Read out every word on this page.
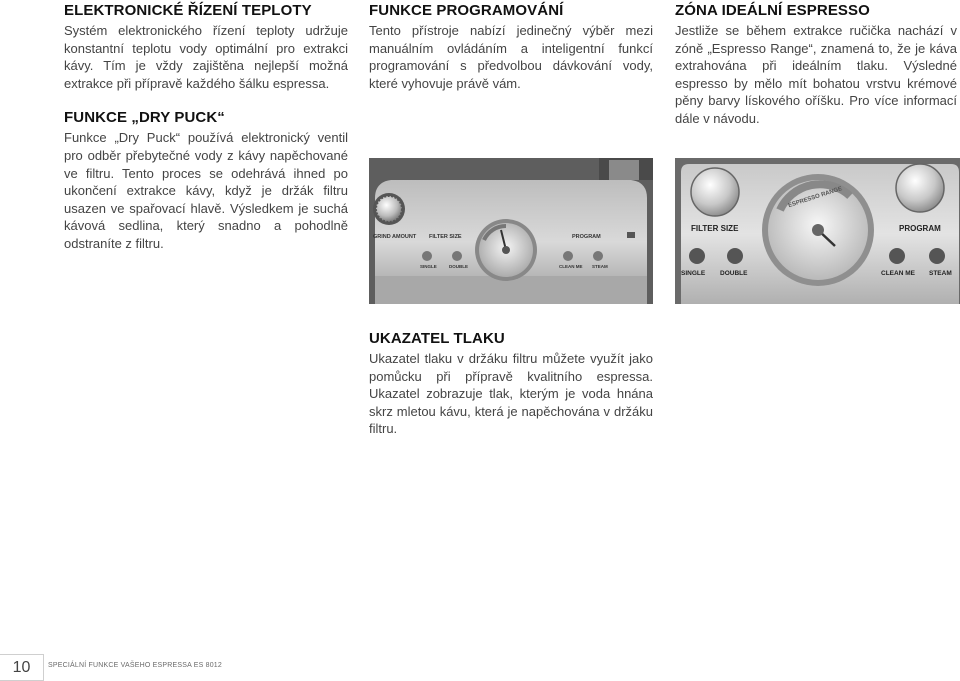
ELEKTRONICKÉ ŘÍZENÍ TEPLOTY

Systém elektronického řízení teploty udržuje konstantní teplotu vody optimální pro extrakci kávy. Tím je vždy zajištěna nejlepší možná extrakce při přípravě každého šálku espressa.

FUNKCE „DRY PUCK“

Funkce „Dry Puck“ používá elektronický ventil pro odběr přebytečné vody z kávy napěchované ve filtru. Tento proces se odehrává ihned po ukončení extrakce kávy, když je držák filtru usazen ve spařovací hlavě. Výsledkem je suchá kávová sedlina, který snadno a pohodlně odstraníte z filtru.

FUNKCE PROGRAMOVÁNÍ

Tento přístroje nabízí jedinečný výběr mezi manuálním ovládáním a inteligentní funkcí programování s předvolbou dávkování vody, které vyhovuje právě vám.

ZÓNA IDEÁLNÍ ESPRESSO

Jestliže se během extrakce ručička nachází v zóně „Espresso Range“, znamená to, že je káva extrahována při ideálním tlaku. Výsledné espresso by mělo mít bohatou vrstvu krémové pěny barvy lískového oříšku. Pro více informací dále v návodu.

UKAZATEL TLAKU

Ukazatel tlaku v držáku filtru můžete využít jako pomůcku při přípravě kvalitního espressa. Ukazatel zobrazuje tlak, kterým je voda hnána skrz mletou kávu, která je napěchována v držáku filtru.

GRIND AMOUNT FILTER SIZE	PROGRAM
SINGLE	DOUBLE	CLEAN ME STEAM
FILTER SIZE	PROGRAM
ESPRESSO RANGE
SINGLE DOUBLE	CLEAN ME STEAM
10	SPECIÁLNÍ FUNKCE VAŠEHO ESPRESSA ES 8012
